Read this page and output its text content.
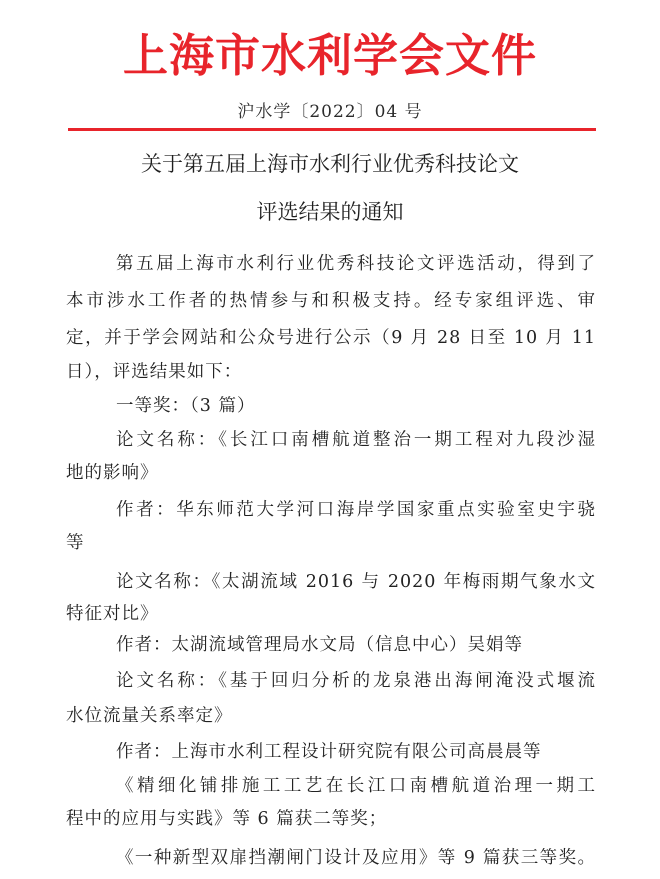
上海市水利学会文件
沪水学〔2022〕04 号
关于第五届上海市水利行业优秀科技论文
评选结果的通知
第五届上海市水利行业优秀科技论文评选活动，得到了
本市涉水工作者的热情参与和积极支持。经专家组评选、审
定，并于学会网站和公众号进行公示（9 月 28 日至 10 月 11
日），评选结果如下：
一等奖：（3 篇）
论文名称：《长江口南槽航道整治一期工程对九段沙湿
地的影响》
作者：华东师范大学河口海岸学国家重点实验室史宇骁
等
论文名称：《太湖流域 2016 与 2020 年梅雨期气象水文
特征对比》
作者：太湖流域管理局水文局（信息中心）吴娟等
论文名称：《基于回归分析的龙泉港出海闸淹没式堰流
水位流量关系率定》
作者：上海市水利工程设计研究院有限公司高晨晨等
《精细化铺排施工工艺在长江口南槽航道治理一期工
程中的应用与实践》等 6 篇获二等奖；
《一种新型双扉挡潮闸门设计及应用》等 9 篇获三等奖。
